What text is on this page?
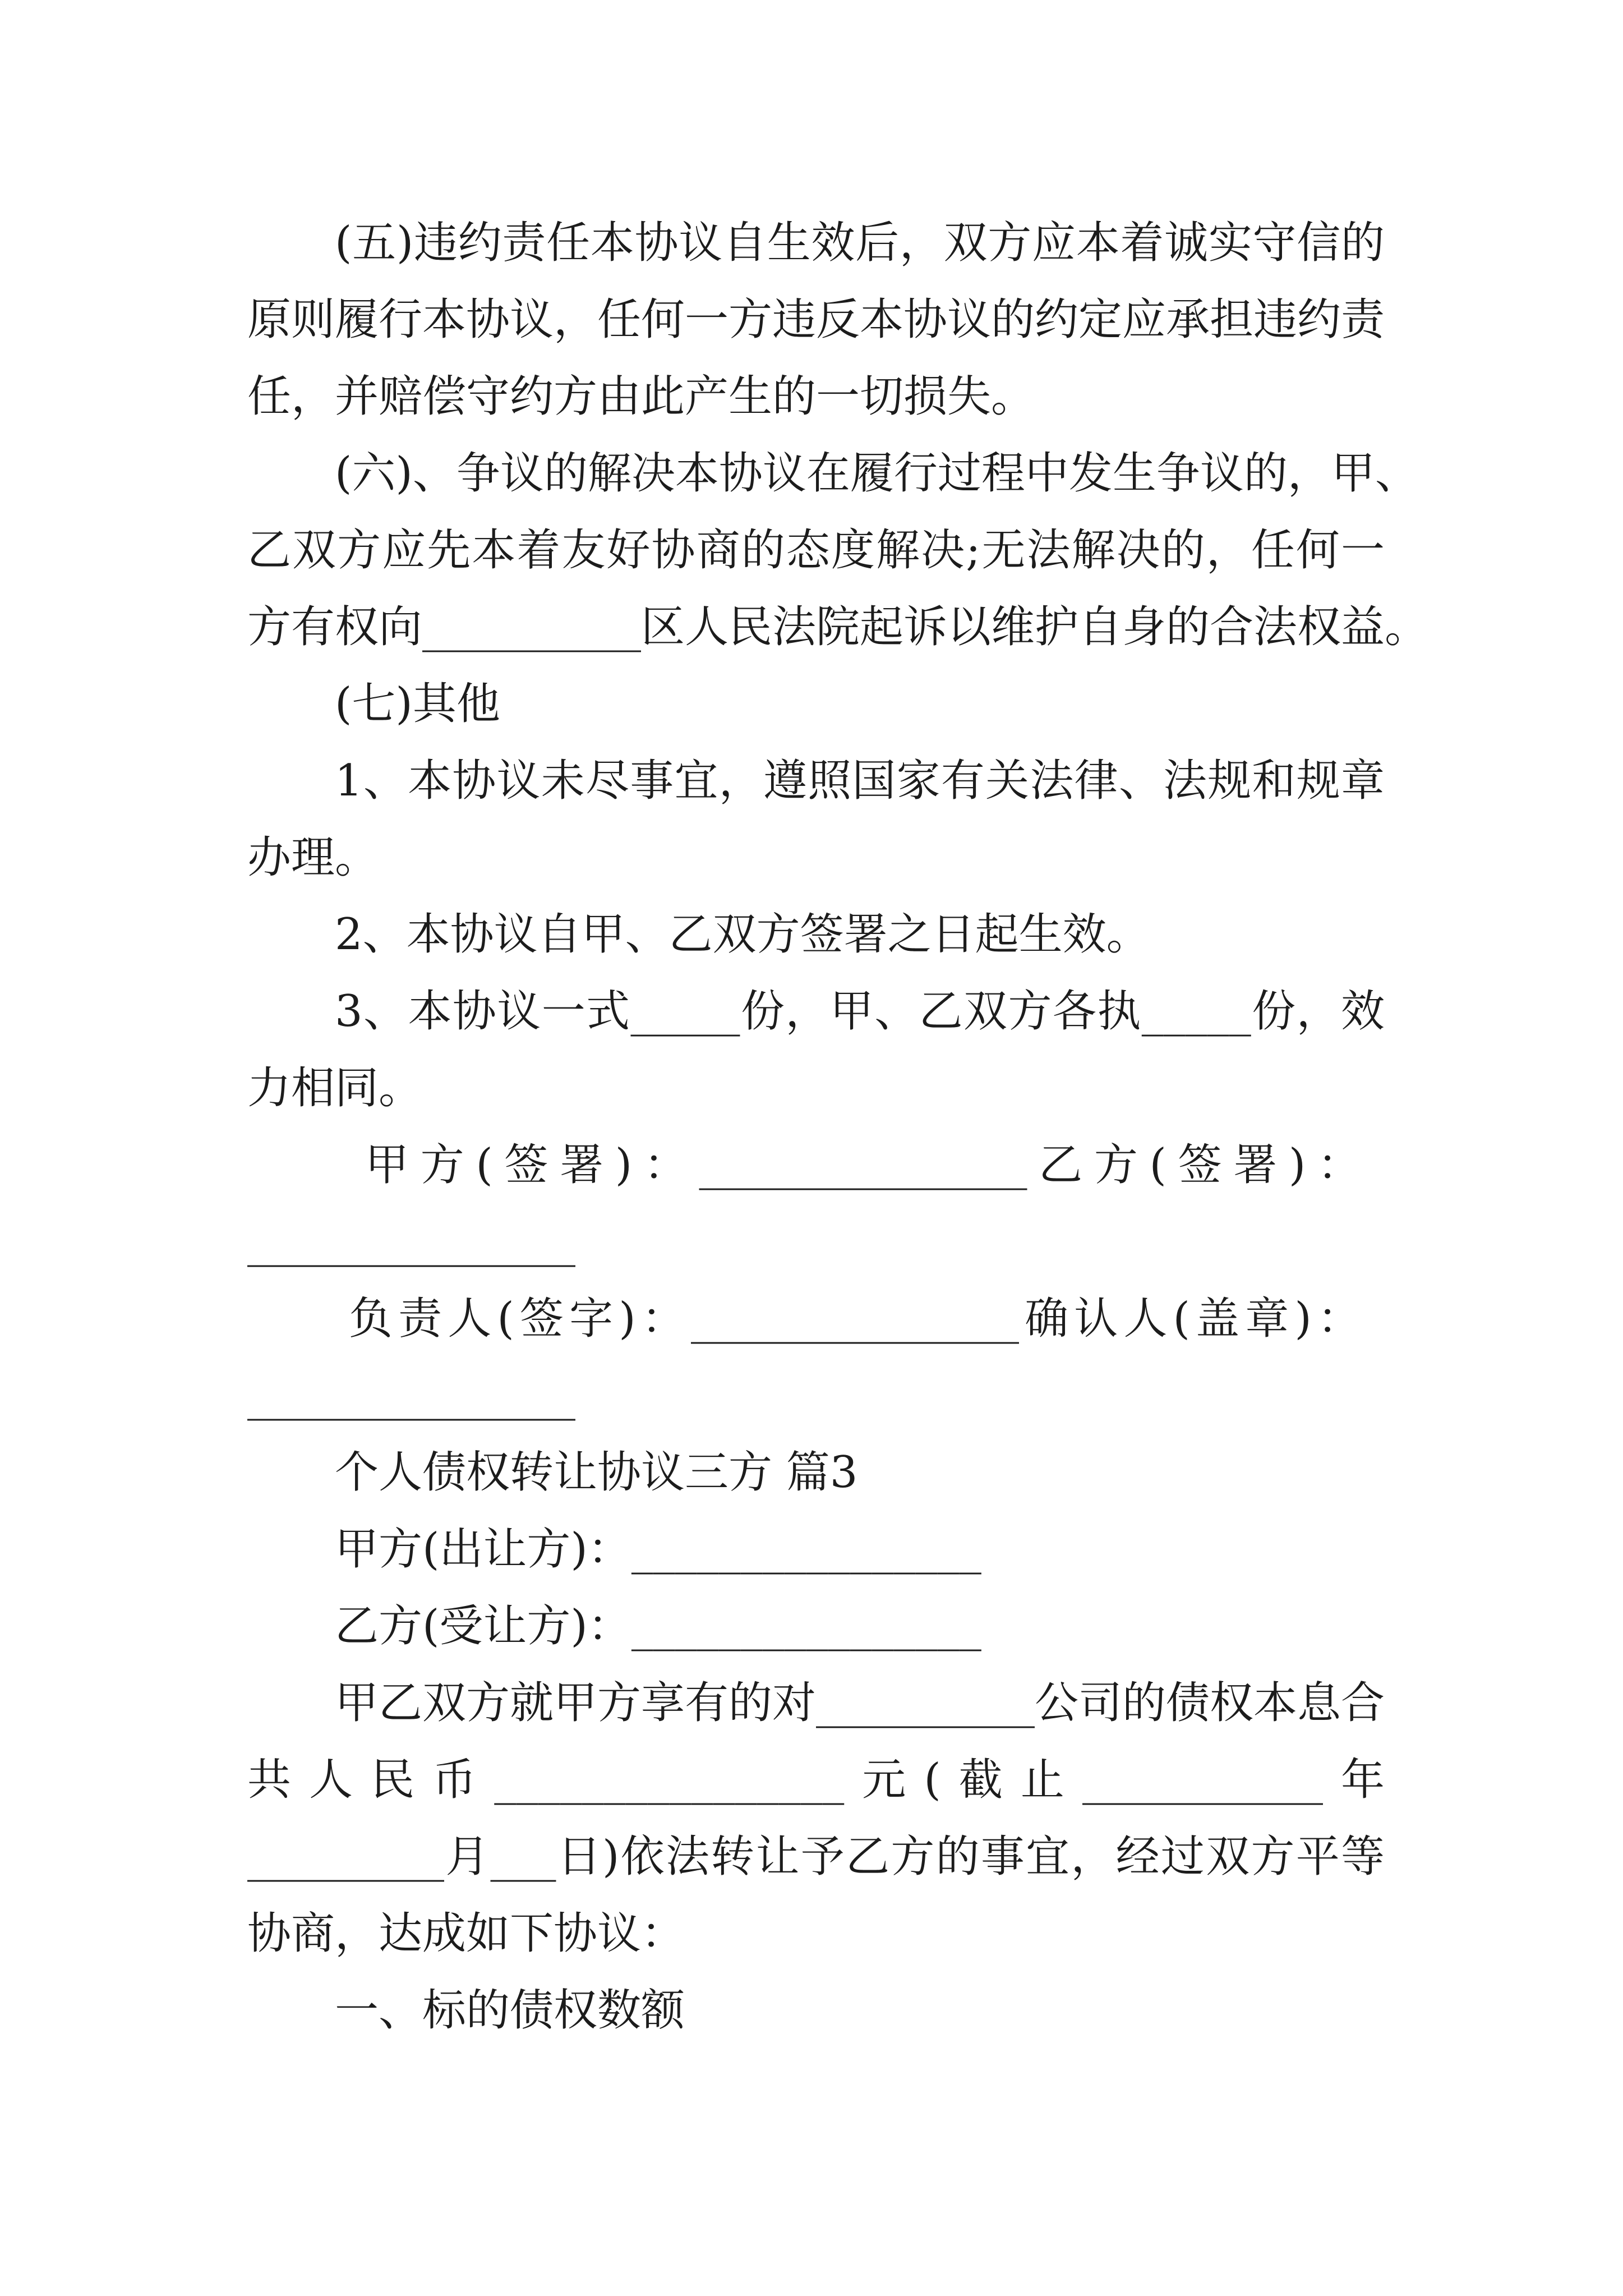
(五)违约责任本协议自生效后，双方应本着诚实守信的
原则履行本协议，任何一方违反本协议的约定应承担违约责
任，并赔偿守约方由此产生的一切损失。
(六)、争议的解决本协议在履行过程中发生争议的，甲、
乙双方应先本着友好协商的态度解决;无法解决的，任何一
方有权向__________区人民法院起诉以维护自身的合法权益。
(七)其他
1、本协议未尽事宜，遵照国家有关法律、法规和规章
办理。
2、本协议自甲、乙双方签署之日起生效。
3、本协议一式_____份，甲、乙双方各执_____份，效
力相同。
甲方(签署)：_______________乙方(签署)：
_______________
负责人(签字)：_______________确认人(盖章)：
_______________
个人债权转让协议三方 篇3
甲方(出让方)：________________
乙方(受让方)：________________
甲乙双方就甲方享有的对__________公司的债权本息合
共人民币________________元(截止___________年
_________月___日)依法转让予乙方的事宜，经过双方平等
协商，达成如下协议：
一、标的债权数额
